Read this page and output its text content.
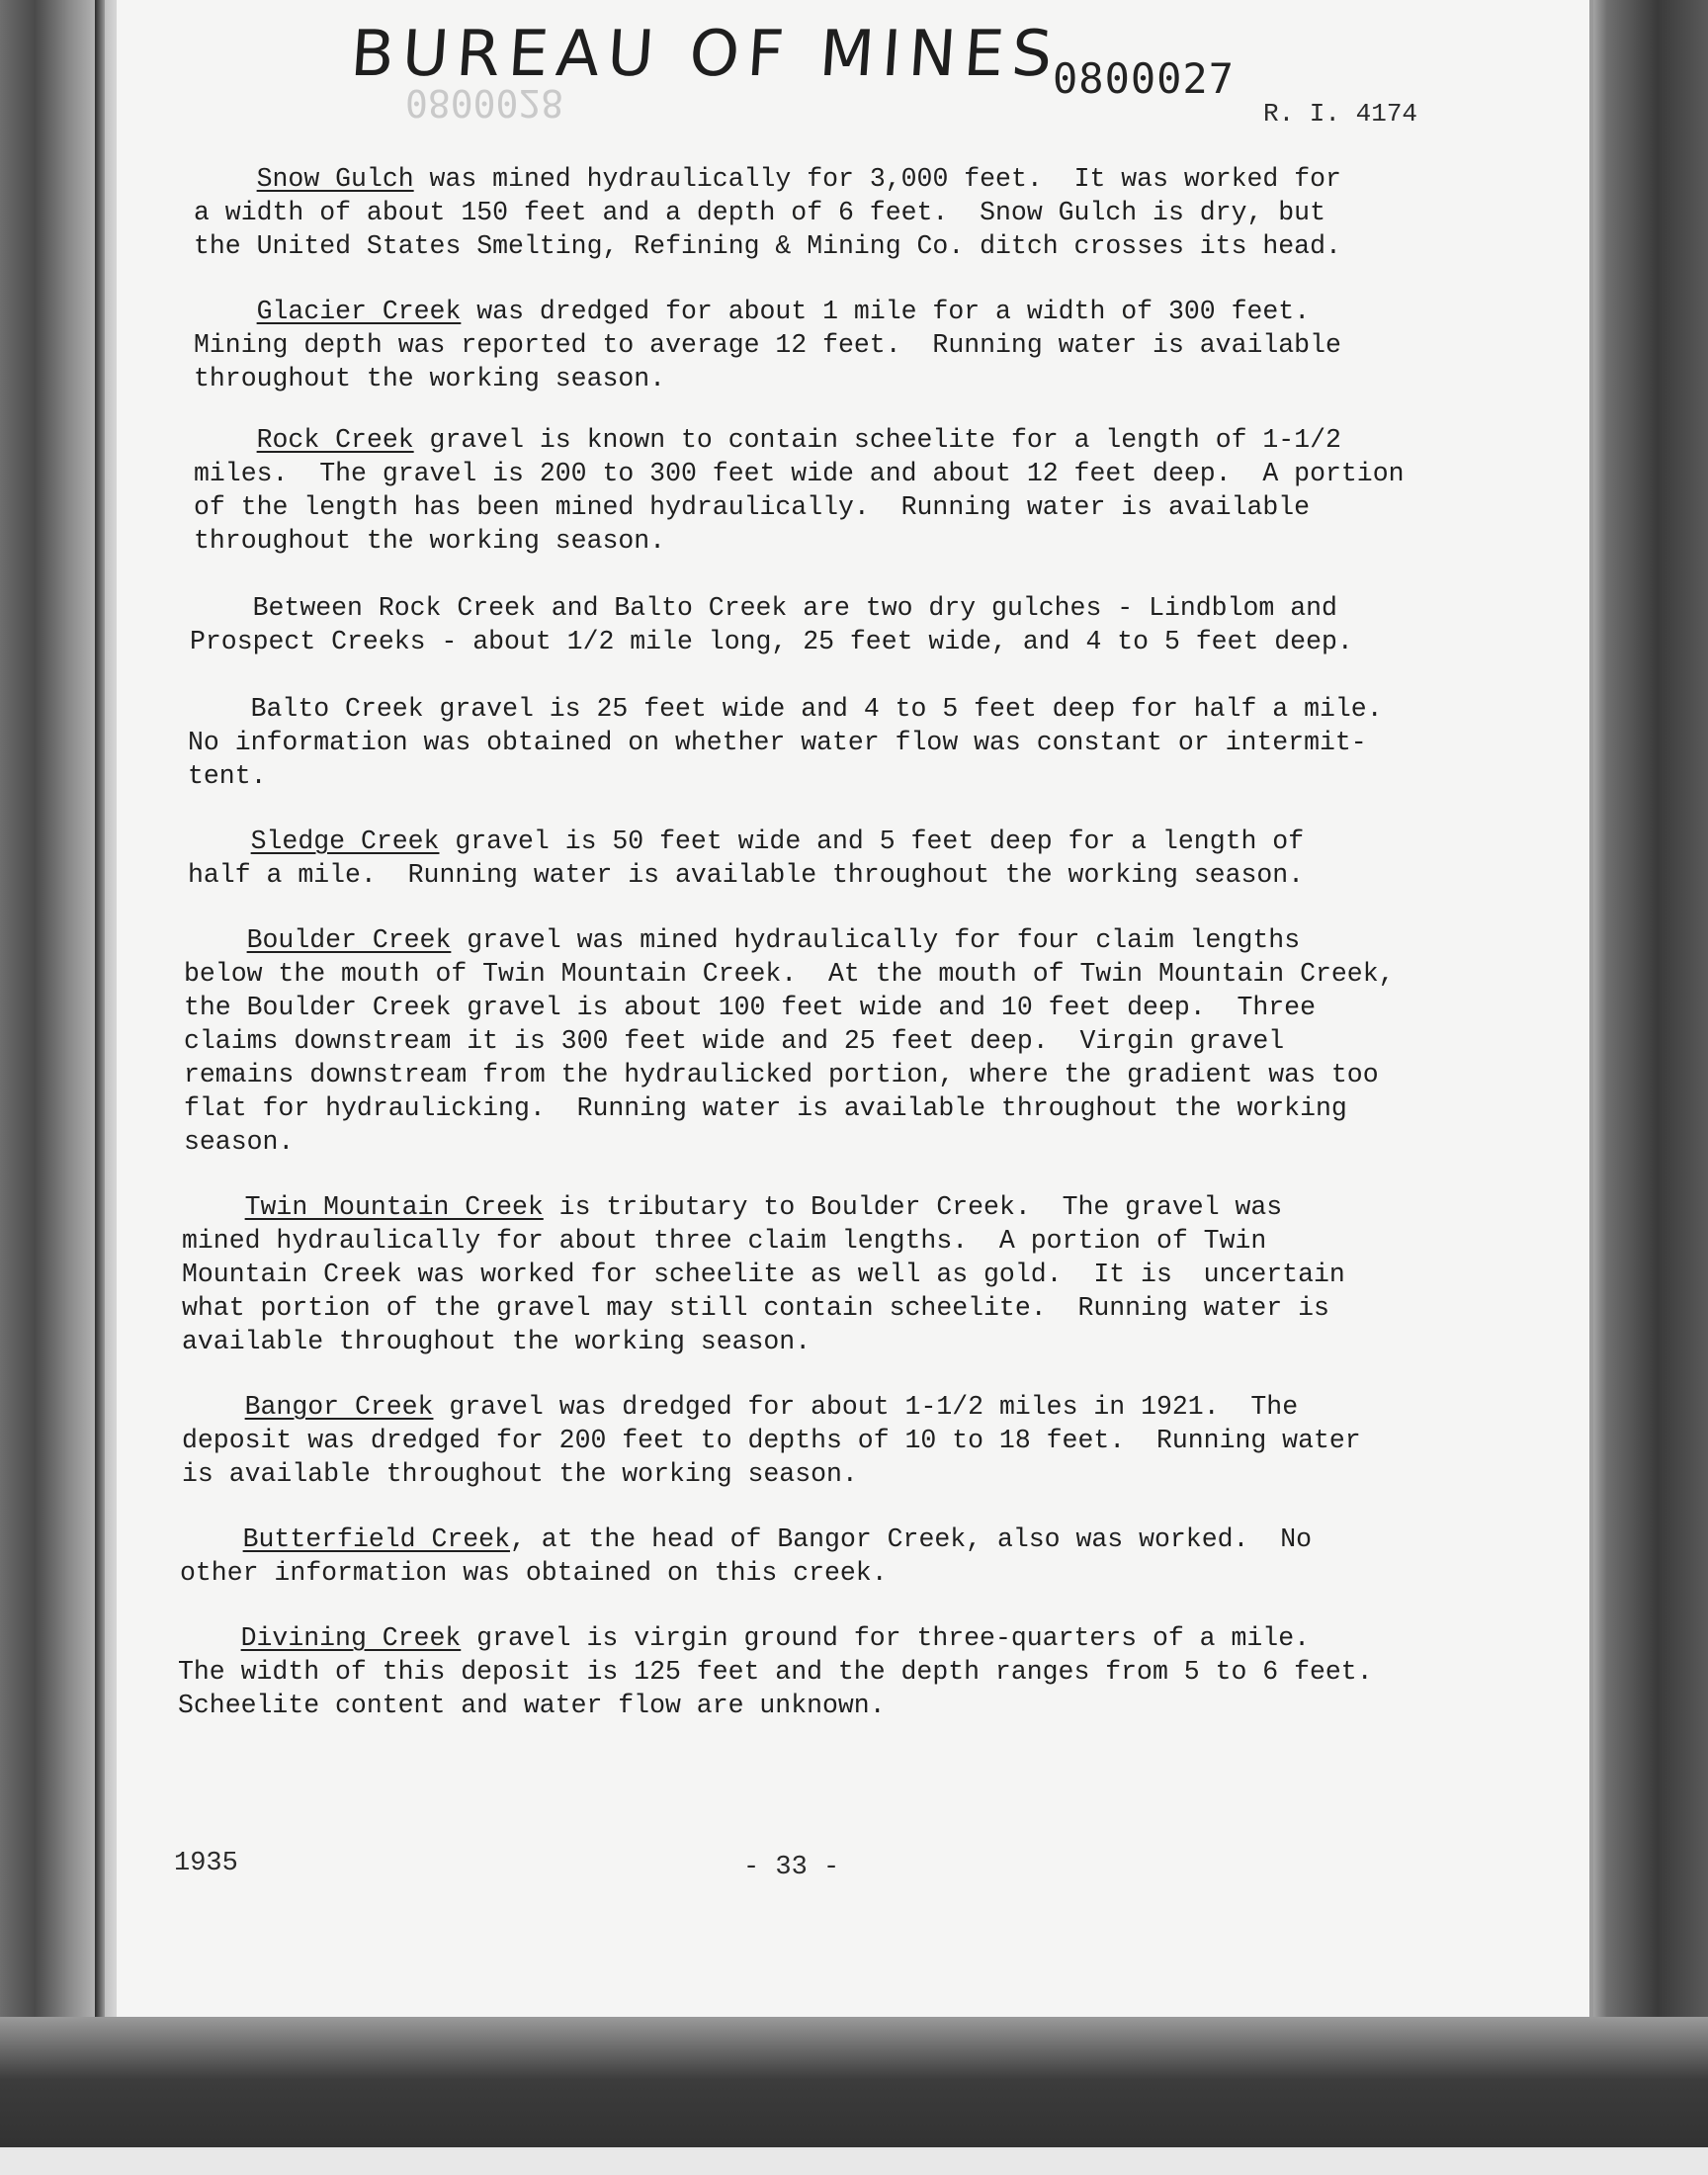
0800028
BUREAU OF MINES
0800027
R. I. 4174
Snow Gulch was mined hydraulically for 3,000 feet.  It was worked for
a width of about 150 feet and a depth of 6 feet.  Snow Gulch is dry, but
the United States Smelting, Refining & Mining Co. ditch crosses its head.
Glacier Creek was dredged for about 1 mile for a width of 300 feet.
Mining depth was reported to average 12 feet.  Running water is available
throughout the working season.
Rock Creek gravel is known to contain scheelite for a length of 1-1/2
miles.  The gravel is 200 to 300 feet wide and about 12 feet deep.  A portion
of the length has been mined hydraulically.  Running water is available
throughout the working season.
Between Rock Creek and Balto Creek are two dry gulches - Lindblom and
Prospect Creeks - about 1/2 mile long, 25 feet wide, and 4 to 5 feet deep.
Balto Creek gravel is 25 feet wide and 4 to 5 feet deep for half a mile.
No information was obtained on whether water flow was constant or intermit-
tent.
Sledge Creek gravel is 50 feet wide and 5 feet deep for a length of
half a mile.  Running water is available throughout the working season.
Boulder Creek gravel was mined hydraulically for four claim lengths
below the mouth of Twin Mountain Creek.  At the mouth of Twin Mountain Creek,
the Boulder Creek gravel is about 100 feet wide and 10 feet deep.  Three
claims downstream it is 300 feet wide and 25 feet deep.  Virgin gravel
remains downstream from the hydraulicked portion, where the gradient was too
flat for hydraulicking.  Running water is available throughout the working
season.
Twin Mountain Creek is tributary to Boulder Creek.  The gravel was
mined hydraulically for about three claim lengths.  A portion of Twin
Mountain Creek was worked for scheelite as well as gold.  It is  uncertain
what portion of the gravel may still contain scheelite.  Running water is
available throughout the working season.
Bangor Creek gravel was dredged for about 1-1/2 miles in 1921.  The
deposit was dredged for 200 feet to depths of 10 to 18 feet.  Running water
is available throughout the working season.
Butterfield Creek, at the head of Bangor Creek, also was worked.  No
other information was obtained on this creek.
Divining Creek gravel is virgin ground for three-quarters of a mile.
The width of this deposit is 125 feet and the depth ranges from 5 to 6 feet.
Scheelite content and water flow are unknown.
1935	- 33 -
